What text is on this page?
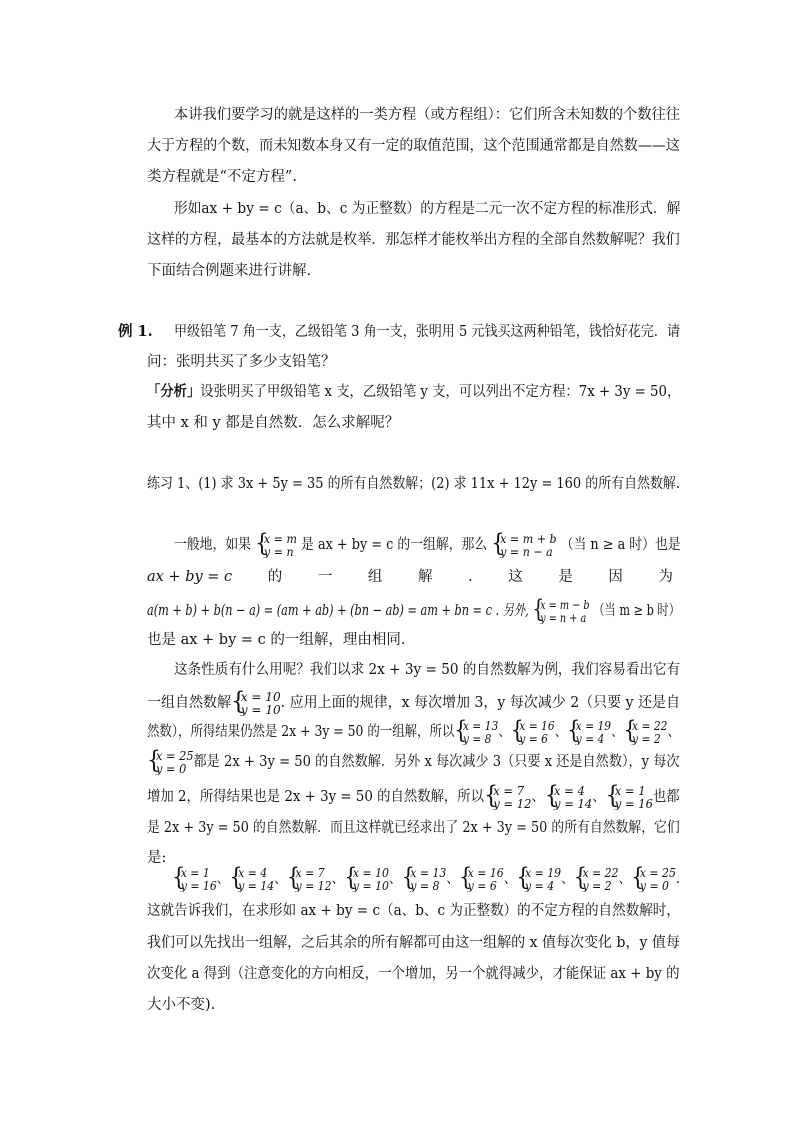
本讲我们要学习的就是这样的一类方程（或方程组）：它们所含未知数的个数往往
大于方程的个数，而未知数本身又有一定的取值范围，这个范围通常都是自然数——这
类方程就是“不定方程”.
形如ax + by = c（a、b、c 为正整数）的方程是二元一次不定方程的标准形式．解
这样的方程，最基本的方法就是枚举．那怎样才能枚举出方程的全部自然数解呢？我们
下面结合例题来进行讲解.
例 1. 甲级铅笔 7 角一支，乙级铅笔 3 角一支，张明用 5 元钱买这两种铅笔，钱恰好花完．请
问：张明共买了多少支铅笔？
「分析」设张明买了甲级铅笔 x 支，乙级铅笔 y 支，可以列出不定方程：7x + 3y = 50，
其中 x 和 y 都是自然数．怎么求解呢？
练习 1、(1) 求 3x + 5y = 35 的所有自然数解；(2) 求 11x + 12y = 160 的所有自然数解.
一般地，如果 { x = m
y = n 是 ax + by = c 的一组解，那么 { x = m + b
y = n − a （当 n ≥ a 时）也是
ax + by = c 的 一 组 解 . 这 是 因 为
a(m + b) + b(n − a) = (am + ab) + (bn − ab) = am + bn = c . 另外, { x = m − b
y = n + a （当 m ≥ b 时）
也是 ax + by = c 的一组解，理由相同.
这条性质有什么用呢？我们以求 2x + 3y = 50 的自然数解为例，我们容易看出它有
一组自然数解 { x = 10
y = 10 . 应用上面的规律，x 每次增加 3，y 每次减少 2（只要 y 还是自
然数），所得结果仍然是 2x + 3y = 50 的一组解，所以 { x = 13
y = 8 、 { x = 16
y = 6 、 { x = 19
y = 4 、 { x = 22
y = 2 、
{ x = 25
y = 0 都是 2x + 3y = 50 的自然数解．另外 x 每次减少 3（只要 x 还是自然数），y 每次
增加 2，所得结果也是 2x + 3y = 50 的自然数解，所以 { x = 7
y = 12 、 { x = 4
y = 14 、 { x = 1
y = 16 也都
是 2x + 3y = 50 的自然数解．而且这样就已经求出了 2x + 3y = 50 的所有自然数解，它们
是:
{ x = 1
y = 16 、 { x = 4
y = 14 、 { x = 7
y = 12 、 { x = 10
y = 10 、 { x = 13
y = 8 、 { x = 16
y = 6 、 { x = 19
y = 4 、 { x = 22
y = 2 、 { x = 25
y = 0 .
这就告诉我们，在求形如 ax + by = c（a、b、c 为正整数）的不定方程的自然数解时，
我们可以先找出一组解，之后其余的所有解都可由这一组解的 x 值每次变化 b，y 值每
次变化 a 得到（注意变化的方向相反，一个增加，另一个就得减少，才能保证 ax + by 的
大小不变).
